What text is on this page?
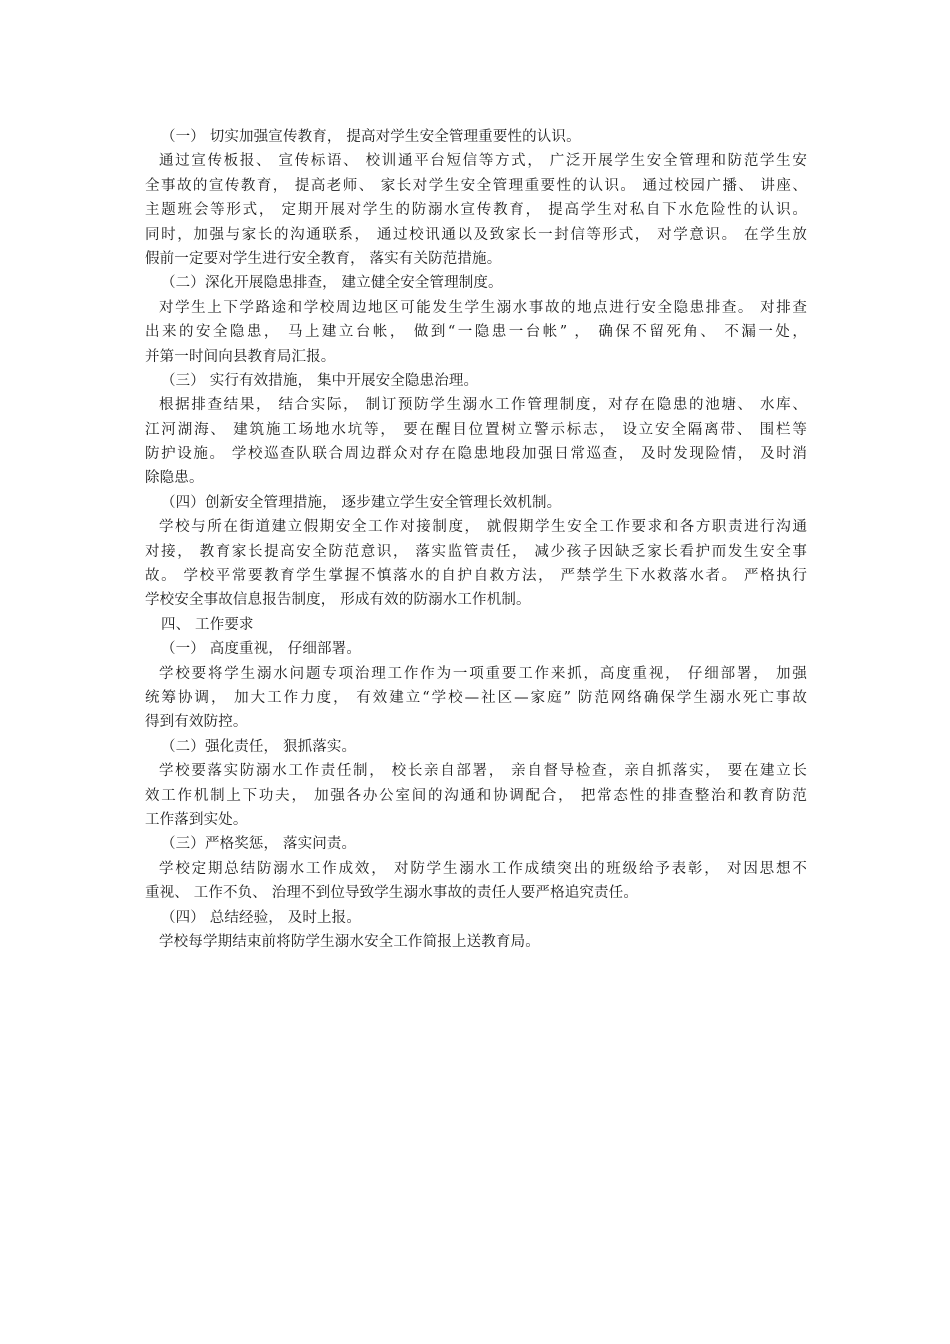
（一） 切实加强宣传教育， 提高对学生安全管理重要性的认识。
通过宣传板报、 宣传标语、 校训通平台短信等方式， 广泛开展学生安全管理和防范学生安
全事故的宣传教育， 提高老师、 家长对学生安全管理重要性的认识。 通过校园广播、 讲座、
主题班会等形式， 定期开展对学生的防溺水宣传教育， 提高学生对私自下水危险性的认识。
同时，加强与家长的沟通联系， 通过校讯通以及致家长一封信等形式， 对学意识。 在学生放
假前一定要对学生进行安全教育， 落实有关防范措施。
（二）深化开展隐患排查， 建立健全安全管理制度。
对学生上下学路途和学校周边地区可能发生学生溺水事故的地点进行安全隐患排查。 对排查
出来的安全隐患， 马上建立台帐， 做到“一隐患一台帐” ， 确保不留死角、 不漏一处，
并第一时间向县教育局汇报。
（三） 实行有效措施， 集中开展安全隐患治理。
根据排查结果， 结合实际， 制订预防学生溺水工作管理制度，对存在隐患的池塘、 水库、
江河湖海、 建筑施工场地水坑等， 要在醒目位置树立警示标志， 设立安全隔离带、 围栏等
防护设施。 学校巡查队联合周边群众对存在隐患地段加强日常巡查， 及时发现险情， 及时消
除隐患。
（四）创新安全管理措施， 逐步建立学生安全管理长效机制。
学校与所在街道建立假期安全工作对接制度， 就假期学生安全工作要求和各方职责进行沟通
对接， 教育家长提高安全防范意识， 落实监管责任， 减少孩子因缺乏家长看护而发生安全事
故。 学校平常要教育学生掌握不慎落水的自护自救方法， 严禁学生下水救落水者。 严格执行
学校安全事故信息报告制度， 形成有效的防溺水工作机制。
四、 工作要求
（一） 高度重视， 仔细部署。
学校要将学生溺水问题专项治理工作作为一项重要工作来抓，高度重视， 仔细部署， 加强
统筹协调， 加大工作力度， 有效建立“学校—社区—家庭” 防范网络确保学生溺水死亡事故
得到有效防控。
（二）强化责任， 狠抓落实。
学校要落实防溺水工作责任制， 校长亲自部署， 亲自督导检查，亲自抓落实， 要在建立长
效工作机制上下功夫， 加强各办公室间的沟通和协调配合， 把常态性的排查整治和教育防范
工作落到实处。
（三）严格奖惩， 落实问责。
学校定期总结防溺水工作成效， 对防学生溺水工作成绩突出的班级给予表彰， 对因思想不
重视、 工作不负、 治理不到位导致学生溺水事故的责任人要严格追究责任。
（四） 总结经验， 及时上报。
学校每学期结束前将防学生溺水安全工作简报上送教育局。
